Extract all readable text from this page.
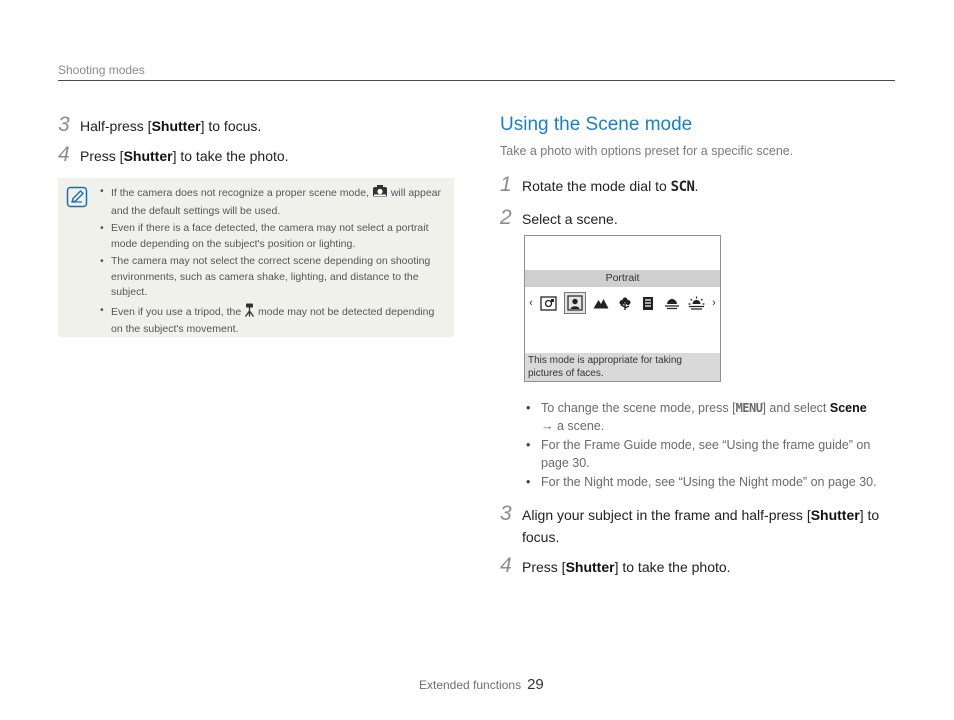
Shooting modes
3 Half-press [Shutter] to focus.
4 Press [Shutter] to take the photo.
• If the camera does not recognize a proper scene mode, will appear and the default settings will be used.
• Even if there is a face detected, the camera may not select a portrait mode depending on the subject's position or lighting.
• The camera may not select the correct scene depending on shooting environments, such as camera shake, lighting, and distance to the subject.
• Even if you use a tripod, the mode may not be detected depending on the subject's movement.
Using the Scene mode
Take a photo with options preset for a specific scene.
1 Rotate the mode dial to SCN.
2 Select a scene.
Portrait
‹	›
This mode is appropriate for taking pictures of faces.
• To change the scene mode, press [MENU] and select Scene
→ a scene.
• For the Frame Guide mode, see “Using the frame guide” on page 30.
• For the Night mode, see “Using the Night mode” on page 30.
3 Align your subject in the frame and half-press [Shutter] to focus.
4 Press [Shutter] to take the photo.
Extended functions 29
